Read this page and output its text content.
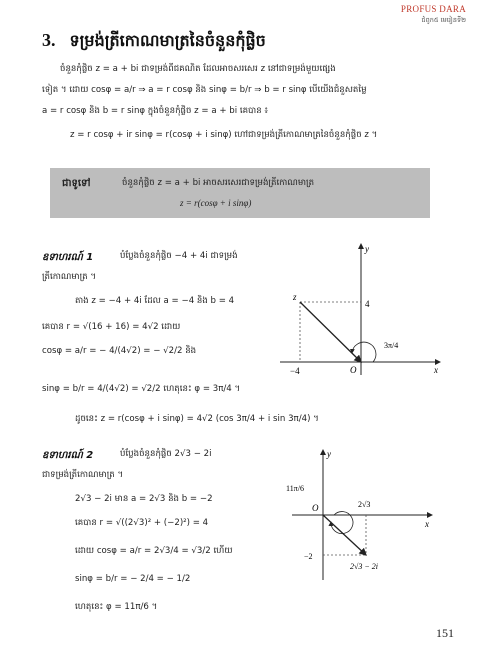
PROFUS DARA
ជំពូក៥ មេរៀនទី២
3. ទម្រង់ត្រីកោណមាត្រនៃចំនួនកុំផ្លិច
ចំនួនកុំផ្លិច z = a + bi ជាទម្រង់ពីជគណិត ដែលអាចសរសេរ z នៅជាទម្រង់មួយផ្សេង
ទៀត ។ ដោយ cosφ = a/r ⇒ a = r cosφ និង sinφ = b/r ⇒ b = r sinφ បើយើងជំនួសតម្លៃ
a = r cosφ និង b = r sinφ ក្នុងចំនួនកុំផ្លិច z = a + bi គេបាន ៖
z = r cosφ + ir sinφ = r(cosφ + i sinφ) ហៅជាទម្រង់ត្រីកោណមាត្រនៃចំនួនកុំផ្លិច z ។
ជាទូទៅ	ចំនួនកុំផ្លិច z = a + bi អាចសរសេរជាទម្រង់ត្រីកោណមាត្រ
z = r(cosφ + i sinφ)
ឧទាហរណ៍ 1	បំប្លែងចំនួនកុំផ្លិច −4 + 4i ជាទម្រង់
ត្រីកោណមាត្រ ។
តាង z = −4 + 4i ដែល a = −4 និង b = 4
គេបាន r = √(16 + 16) = 4√2 ដោយ
cosφ = a/r = − 4/(4√2) = − √2/2 និង
sinφ = b/r = 4/(4√2) = √2/2 ហេតុនេះ φ = 3π/4 ។
ដូចនេះ z = r(cosφ + i sinφ) = 4√2 (cos 3π/4 + i sin 3π/4) ។
y
x
z
4
−4	O
3π/4
ឧទាហរណ៍ 2	បំប្លែងចំនួនកុំផ្លិច 2√3 − 2i
ជាទម្រង់ត្រីកោណមាត្រ ។
2√3 − 2i មាន a = 2√3 និង b = −2
គេបាន r = √((2√3)² + (−2)²) = 4
ដោយ cosφ = a/r = 2√3/4 = √3/2 ហើយ
sinφ = b/r = − 2/4 = − 1/2
ហេតុនេះ φ = 11π/6 ។
y
x
O
11π/6
2√3
−2
2√3 − 2i
151
